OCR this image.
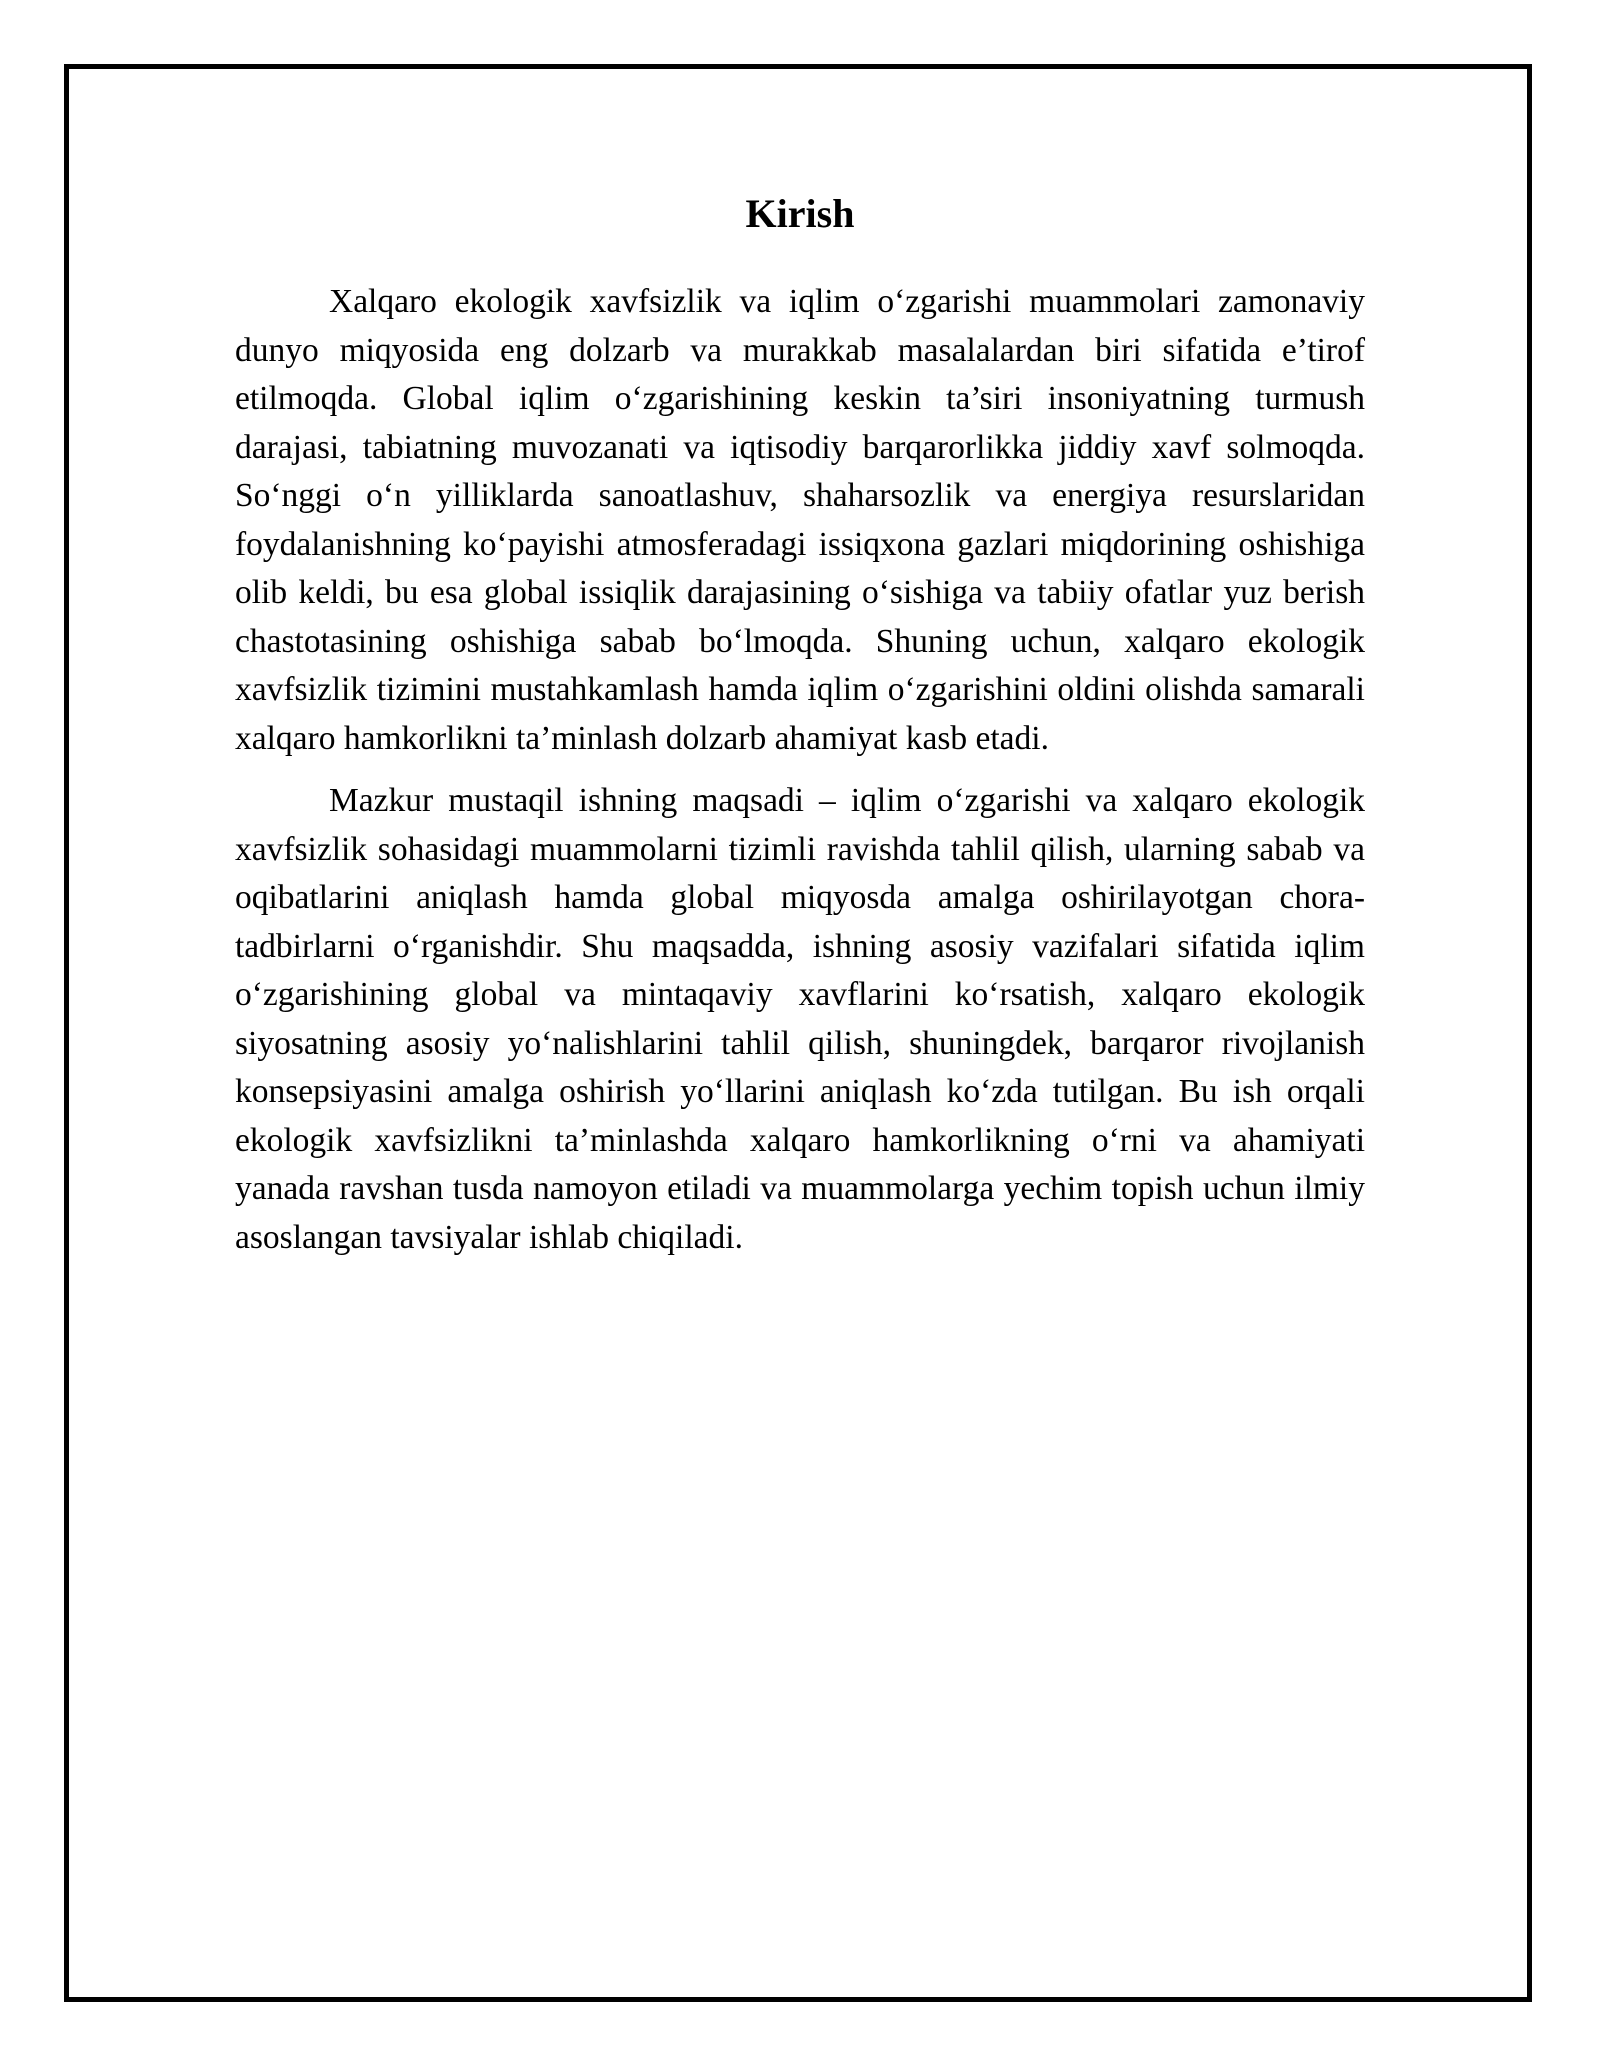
Kirish

Xalqaro ekologik xavfsizlik va iqlim o‘zgarishi muammolari zamonaviy dunyo miqyosida eng dolzarb va murakkab masalalardan biri sifatida e’tirof etilmoqda. Global iqlim o‘zgarishining keskin ta’siri insoniyatning turmush darajasi, tabiatning muvozanati va iqtisodiy barqarorlikka jiddiy xavf solmoqda. So‘nggi o‘n yilliklarda sanoatlashuv, shaharsozlik va energiya resurslaridan foydalanishning ko‘payishi atmosferadagi issiqxona gazlari miqdorining oshishiga olib keldi, bu esa global issiqlik darajasining o‘sishiga va tabiiy ofatlar yuz berish chastotasining oshishiga sabab bo‘lmoqda. Shuning uchun, xalqaro ekologik xavfsizlik tizimini mustahkamlash hamda iqlim o‘zgarishini oldini olishda samarali xalqaro hamkorlikni ta’minlash dolzarb ahamiyat kasb etadi.

Mazkur mustaqil ishning maqsadi – iqlim o‘zgarishi va xalqaro ekologik xavfsizlik sohasidagi muammolarni tizimli ravishda tahlil qilish, ularning sabab va oqibatlarini aniqlash hamda global miqyosda amalga oshirilayotgan chora-tadbirlarni o‘rganishdir. Shu maqsadda, ishning asosiy vazifalari sifatida iqlim o‘zgarishining global va mintaqaviy xavflarini ko‘rsatish, xalqaro ekologik siyosatning asosiy yo‘nalishlarini tahlil qilish, shuningdek, barqaror rivojlanish konsepsiyasini amalga oshirish yo‘llarini aniqlash ko‘zda tutilgan. Bu ish orqali ekologik xavfsizlikni ta’minlashda xalqaro hamkorlikning o‘rni va ahamiyati yanada ravshan tusda namoyon etiladi va muammolarga yechim topish uchun ilmiy asoslangan tavsiyalar ishlab chiqiladi.
